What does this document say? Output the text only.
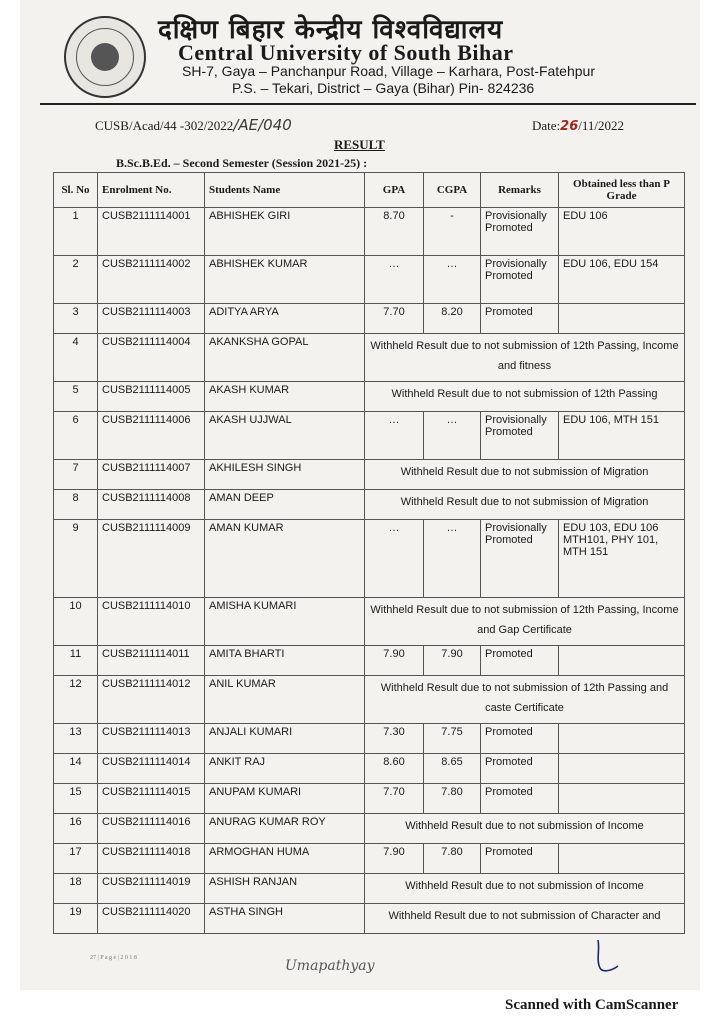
दक्षिण बिहार केन्द्रीय विश्वविद्यालय
Central University of South Bihar
SH-7, Gaya – Panchanpur Road, Village – Karhara, Post-Fatehpur
P.S. – Tekari, District – Gaya (Bihar) Pin- 824236
CUSB/Acad/44 -302/2022/AE/040	Date:26/11/2022
RESULT
B.Sc.B.Ed. – Second Semester (Session 2021-25) :
Sl. No	Enrolment No.	Students Name	GPA	CGPA	Remarks	Obtained less than P Grade
1	CUSB2111114001	ABHISHEK GIRI	8.70	-	Provisionally Promoted	EDU 106
2	CUSB2111114002	ABHISHEK KUMAR	…	…	Provisionally Promoted	EDU 106, EDU 154
3	CUSB2111114003	ADITYA ARYA	7.70	8.20	Promoted	
4	CUSB2111114004	AKANKSHA GOPAL	Withheld Result due to not submission of 12th Passing, Income and fitness			
5	CUSB2111114005	AKASH KUMAR	Withheld Result due to not submission of 12th Passing			
6	CUSB2111114006	AKASH UJJWAL	…	…	Provisionally Promoted	EDU 106, MTH 151
7	CUSB2111114007	AKHILESH SINGH	Withheld Result due to not submission of Migration			
8	CUSB2111114008	AMAN DEEP	Withheld Result due to not submission of Migration			
9	CUSB2111114009	AMAN KUMAR	…	…	Provisionally Promoted	EDU 103, EDU 106 MTH101, PHY 101, MTH 151
10	CUSB2111114010	AMISHA KUMARI	Withheld Result due to not submission of 12th Passing, Income and Gap Certificate			
11	CUSB2111114011	AMITA BHARTI	7.90	7.90	Promoted	
12	CUSB2111114012	ANIL KUMAR	Withheld Result due to not submission of 12th Passing and caste Certificate			
13	CUSB2111114013	ANJALI KUMARI	7.30	7.75	Promoted	
14	CUSB2111114014	ANKIT RAJ	8.60	8.65	Promoted	
15	CUSB2111114015	ANUPAM KUMARI	7.70	7.80	Promoted	
16	CUSB2111114016	ANURAG KUMAR ROY	Withheld Result due to not submission of Income			
17	CUSB2111114018	ARMOGHAN HUMA	7.90	7.80	Promoted	
18	CUSB2111114019	ASHISH RANJAN	Withheld Result due to not submission of Income			
19	CUSB2111114020	ASTHA SINGH	Withheld Result due to not submission of Character and			
27 | P a g e | 2 0 1 8	Umapathyay
Scanned with CamScanner
